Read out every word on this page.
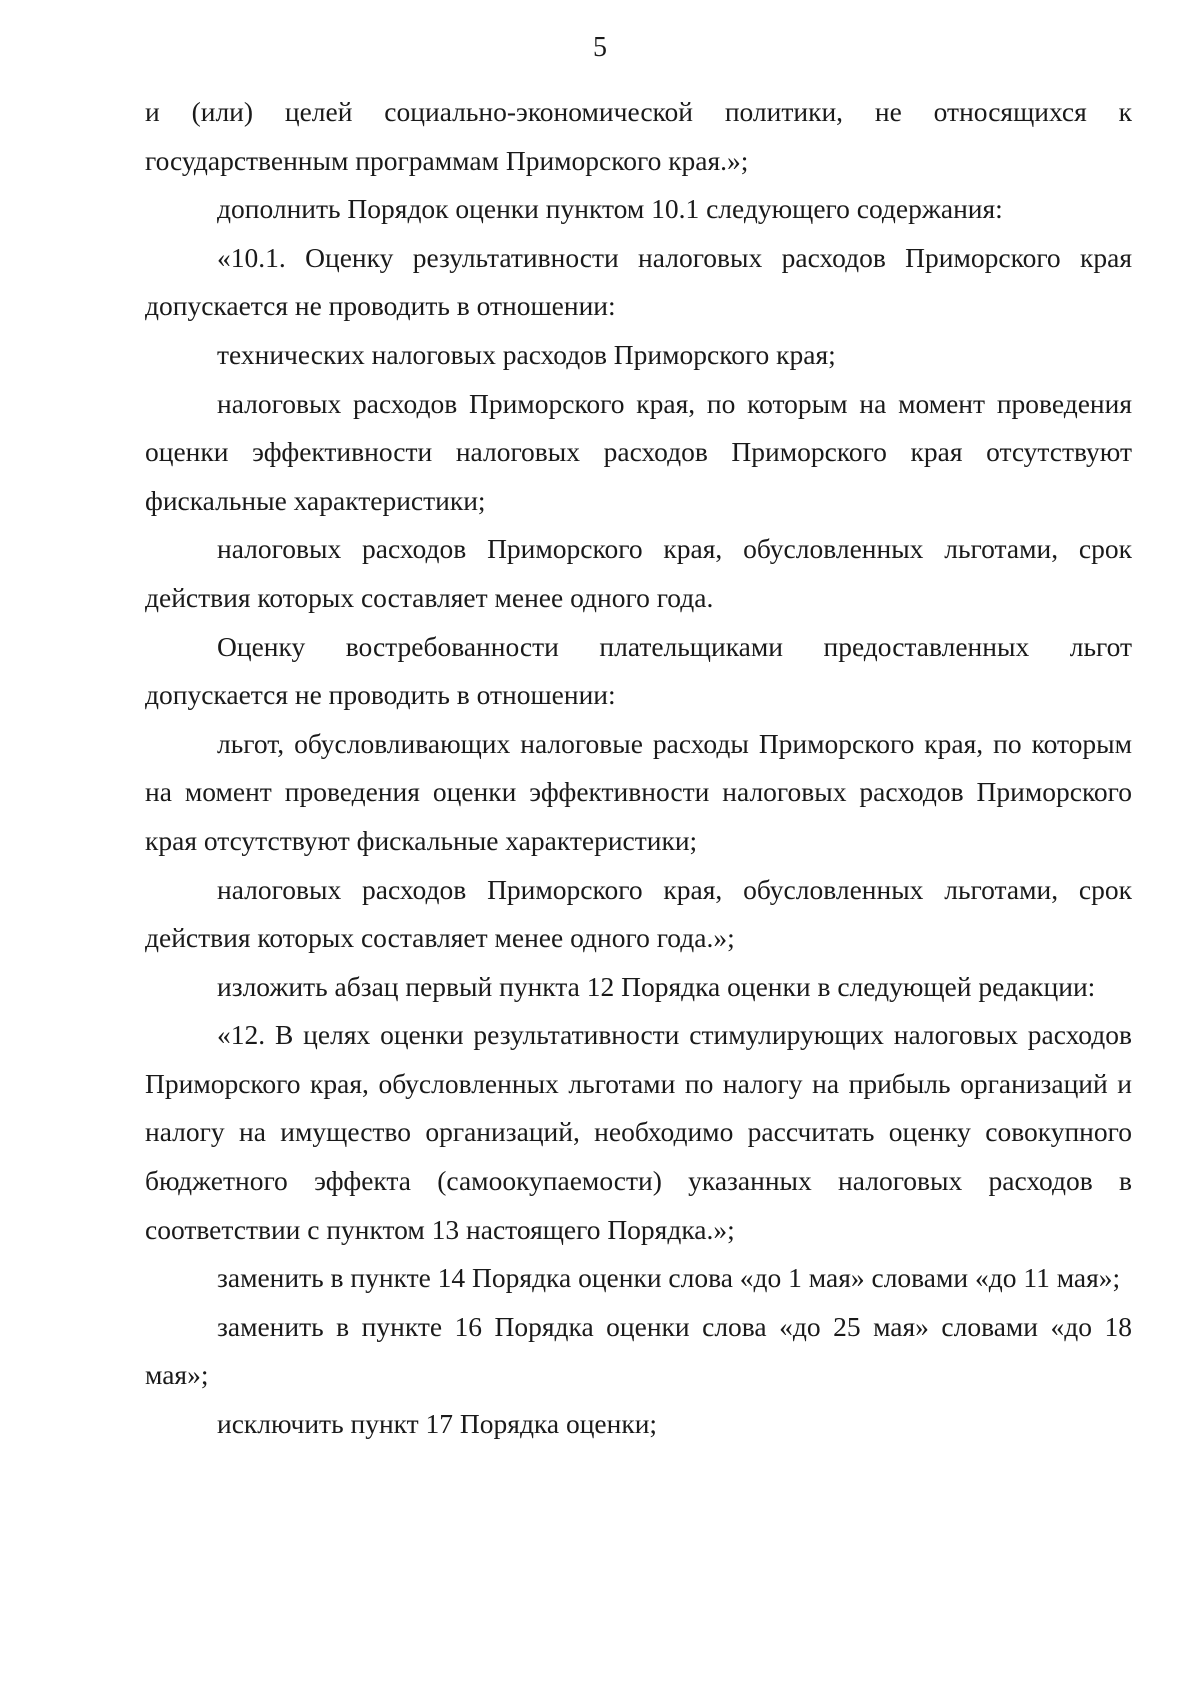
5

и (или) целей социально-экономической политики, не относящихся к государственным программам Приморского края.»;

дополнить Порядок оценки пунктом 10.1 следующего содержания:

«10.1. Оценку результативности налоговых расходов Приморского края допускается не проводить в отношении:

технических налоговых расходов Приморского края;

налоговых расходов Приморского края, по которым на момент проведения оценки эффективности налоговых расходов Приморского края отсутствуют фискальные характеристики;

налоговых расходов Приморского края, обусловленных льготами, срок действия которых составляет менее одного года.

Оценку востребованности плательщиками предоставленных льгот допускается не проводить в отношении:

льгот, обусловливающих налоговые расходы Приморского края, по которым на момент проведения оценки эффективности налоговых расходов Приморского края отсутствуют фискальные характеристики;

налоговых расходов Приморского края, обусловленных льготами, срок действия которых составляет менее одного года.»;

изложить абзац первый пункта 12 Порядка оценки в следующей редакции:

«12. В целях оценки результативности стимулирующих налоговых расходов Приморского края, обусловленных льготами по налогу на прибыль организаций и налогу на имущество организаций, необходимо рассчитать оценку совокупного бюджетного эффекта (самоокупаемости) указанных налоговых расходов в соответствии с пунктом 13 настоящего Порядка.»;

заменить в пункте 14 Порядка оценки слова «до 1 мая» словами «до 11 мая»;

заменить в пункте 16 Порядка оценки слова «до 25 мая» словами «до 18 мая»;

исключить пункт 17 Порядка оценки;
